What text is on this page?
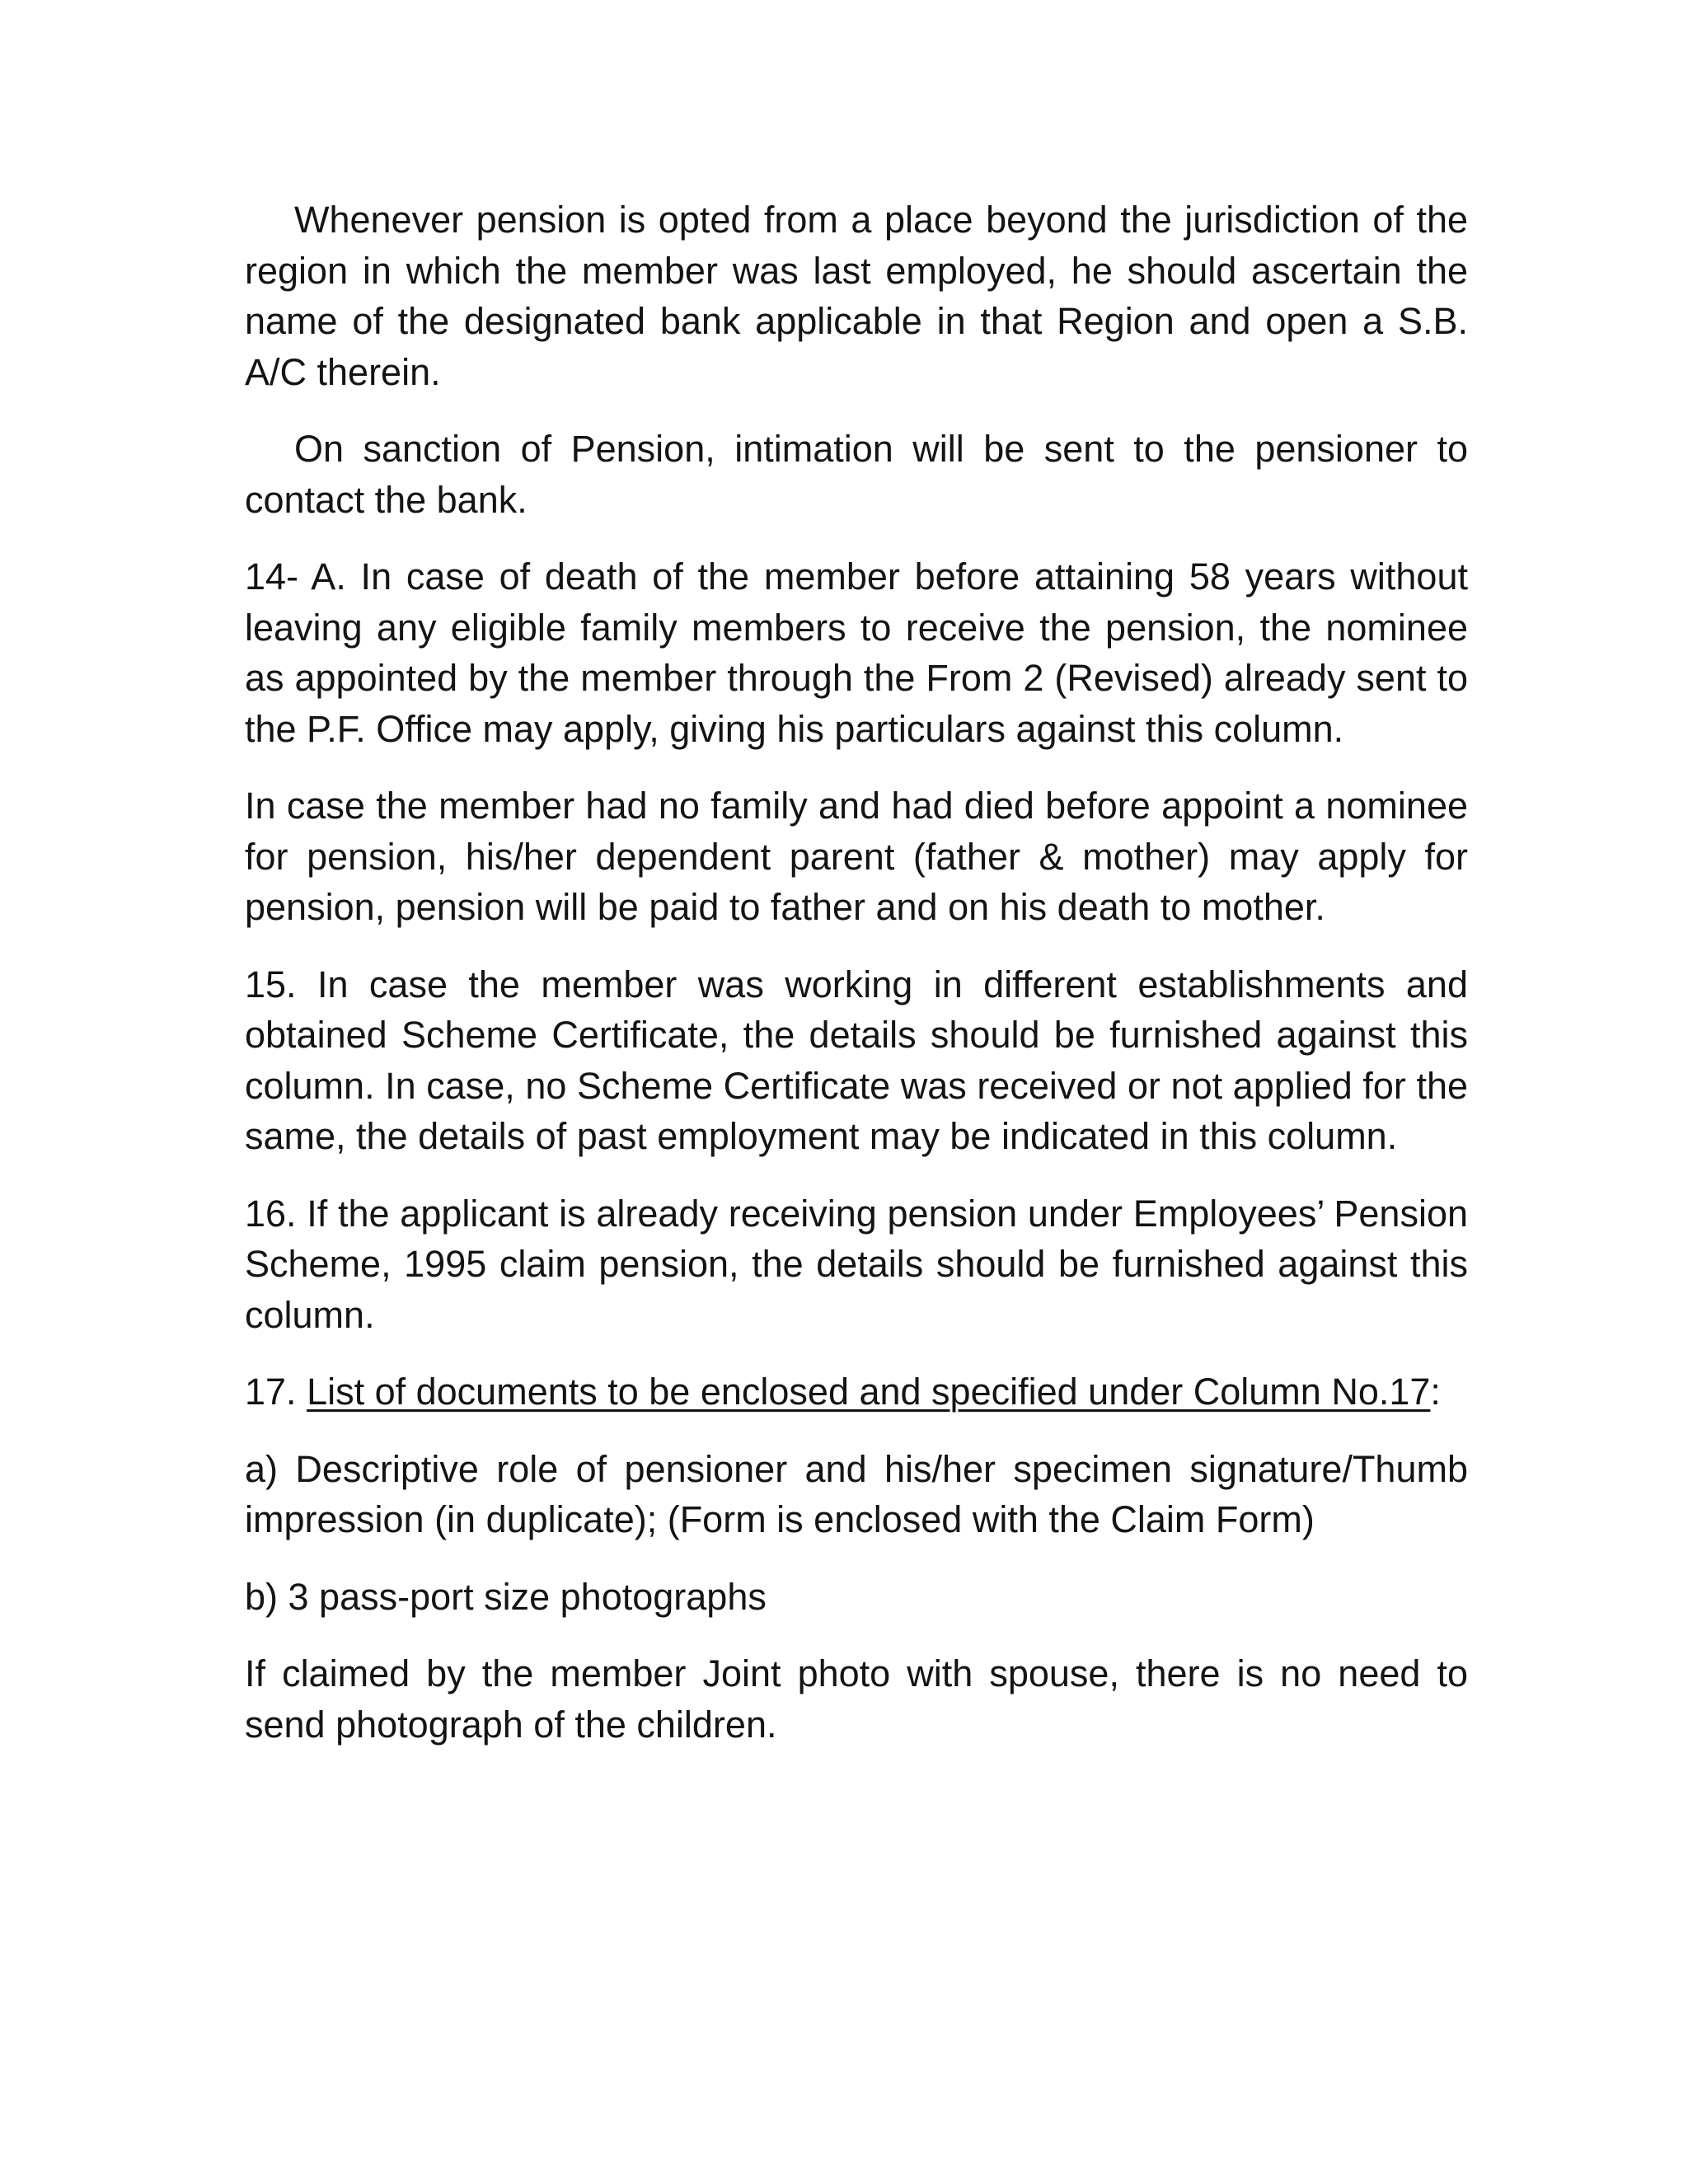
Whenever pension is opted from a place beyond the jurisdiction of the region in which the member was last employed, he should ascertain the name of the designated bank applicable in that Region and open a S.B. A/C therein.

On sanction of Pension, intimation will be sent to the pensioner to contact the bank.

14- A. In case of death of the member before attaining 58 years without leaving any eligible family members to receive the pension, the nominee as appointed by the member through the From 2 (Revised) already sent to the P.F. Office may apply, giving his particulars against this column.

In case the member had no family and had died before appoint a nominee for pension, his/her dependent parent (father & mother) may apply for pension, pension will be paid to father and on his death to mother.

15. In case the member was working in different establishments and obtained Scheme Certificate, the details should be furnished against this column. In case, no Scheme Certificate was received or not applied for the same, the details of past employment may be indicated in this column.

16. If the applicant is already receiving pension under Employees’ Pension Scheme, 1995 claim pension, the details should be furnished against this column.

17. List of documents to be enclosed and specified under Column No.17:

a) Descriptive role of pensioner and his/her specimen signature/Thumb impression (in duplicate); (Form is enclosed with the Claim Form)

b) 3 pass-port size photographs

If claimed by the member Joint photo with spouse, there is no need to send photograph of the children.
